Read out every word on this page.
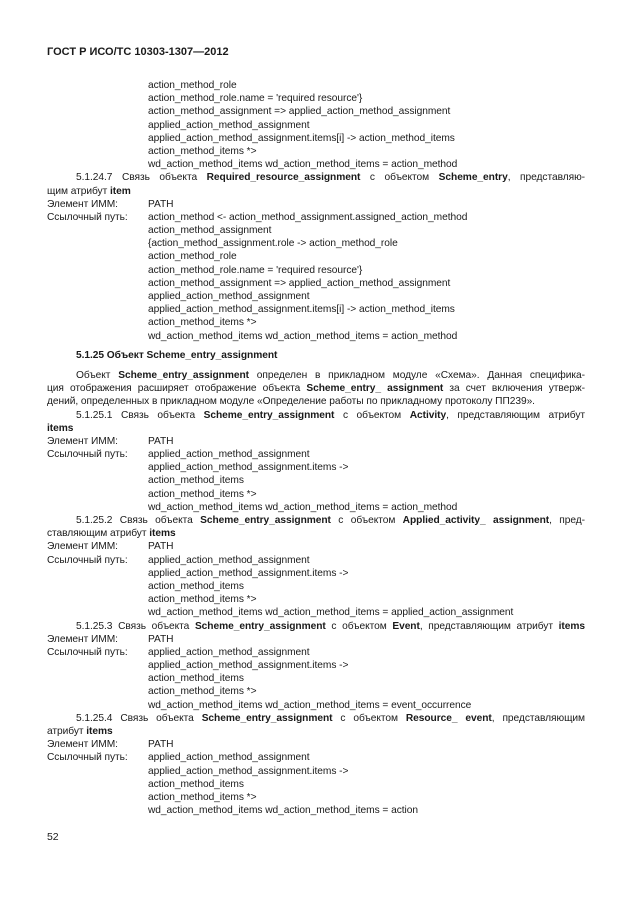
ГОСТ Р ИСО/ТС 10303-1307—2012
action_method_role
action_method_role.name = 'required resource'}
action_method_assignment => applied_action_method_assignment
applied_action_method_assignment
applied_action_method_assignment.items[i] -> action_method_items
action_method_items *>
wd_action_method_items wd_action_method_items = action_method
5.1.24.7 Связь объекта Required_resource_assignment с объектом Scheme_entry, представляю-
щим атрибут item
Элемент ИММ:	PATH
Ссылочный путь:	action_method <- action_method_assignment.assigned_action_method
action_method_assignment
{action_method_assignment.role -> action_method_role
action_method_role
action_method_role.name = 'required resource'}
action_method_assignment => applied_action_method_assignment
applied_action_method_assignment
applied_action_method_assignment.items[i] -> action_method_items
action_method_items *>
wd_action_method_items wd_action_method_items = action_method
5.1.25 Объект Scheme_entry_assignment
Объект Scheme_entry_assignment определен в прикладном модуле «Схема». Данная специфика-
ция отображения расширяет отображение объекта Scheme_entry_ assignment за счет включения утверж-
дений, определенных в прикладном модуле «Определение работы по прикладному протоколу ПП239».
5.1.25.1 Связь объекта Scheme_entry_assignment с объектом Activity, представляющим атрибут
items
Элемент ИММ:	PATH
Ссылочный путь:	applied_action_method_assignment
applied_action_method_assignment.items ->
action_method_items
action_method_items *>
wd_action_method_items wd_action_method_items = action_method
5.1.25.2 Связь объекта Scheme_entry_assignment с объектом Applied_activity_ assignment, пред-
ставляющим атрибут items
Элемент ИММ:	PATH
Ссылочный путь:	applied_action_method_assignment
applied_action_method_assignment.items ->
action_method_items
action_method_items *>
wd_action_method_items wd_action_method_items = applied_action_assignment
5.1.25.3 Связь объекта Scheme_entry_assignment с объектом Event, представляющим атрибут items
Элемент ИММ:	PATH
Ссылочный путь:	applied_action_method_assignment
applied_action_method_assignment.items ->
action_method_items
action_method_items *>
wd_action_method_items wd_action_method_items = event_occurrence
5.1.25.4 Связь объекта Scheme_entry_assignment с объектом Resource_ event, представляющим
атрибут items
Элемент ИММ:	PATH
Ссылочный путь:	applied_action_method_assignment
applied_action_method_assignment.items ->
action_method_items
action_method_items *>
wd_action_method_items wd_action_method_items = action
52
